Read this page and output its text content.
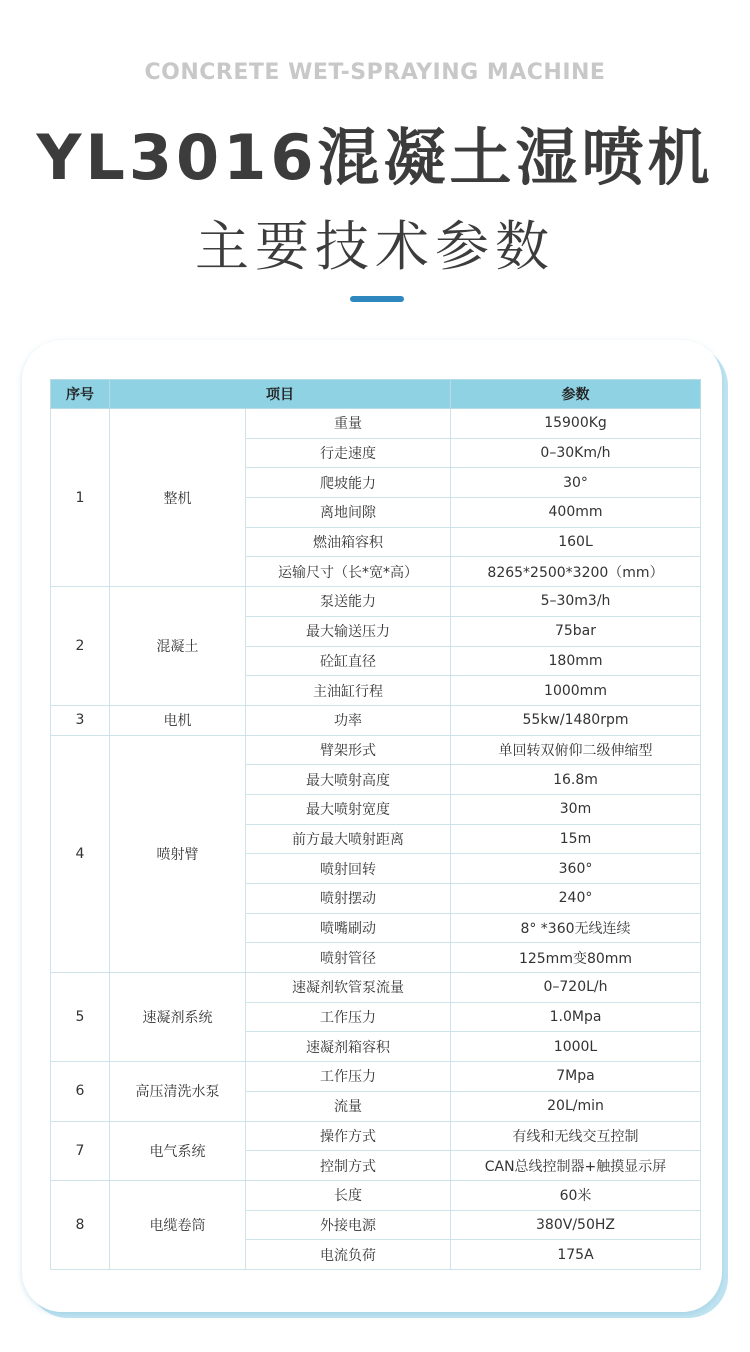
CONCRETE WET-SPRAYING MACHINE
YL3016混凝土湿喷机
主要技术参数
序号	项目		参数
1	整机	重量	15900Kg
		行走速度	0–30Km/h
		爬坡能力	30°
		离地间隙	400mm
		燃油箱容积	160L
		运输尺寸（长*宽*高）	8265*2500*3200（mm）
2	混凝土	泵送能力	5–30m3/h
		最大输送压力	75bar
		砼缸直径	180mm
		主油缸行程	1000mm
3	电机	功率	55kw/1480rpm
4	喷射臂	臂架形式	单回转双俯仰二级伸缩型
		最大喷射高度	16.8m
		最大喷射宽度	30m
		前方最大喷射距离	15m
		喷射回转	360°
		喷射摆动	240°
		喷嘴刷动	8° *360无线连续
		喷射管径	125mm变80mm
5	速凝剂系统	速凝剂软管泵流量	0–720L/h
		工作压力	1.0Mpa
		速凝剂箱容积	1000L
6	高压清洗水泵	工作压力	7Mpa
		流量	20L/min
7	电气系统	操作方式	有线和无线交互控制
		控制方式	CAN总线控制器+触摸显示屏
8	电缆卷筒	长度	60米
		外接电源	380V/50HZ
		电流负荷	175A
